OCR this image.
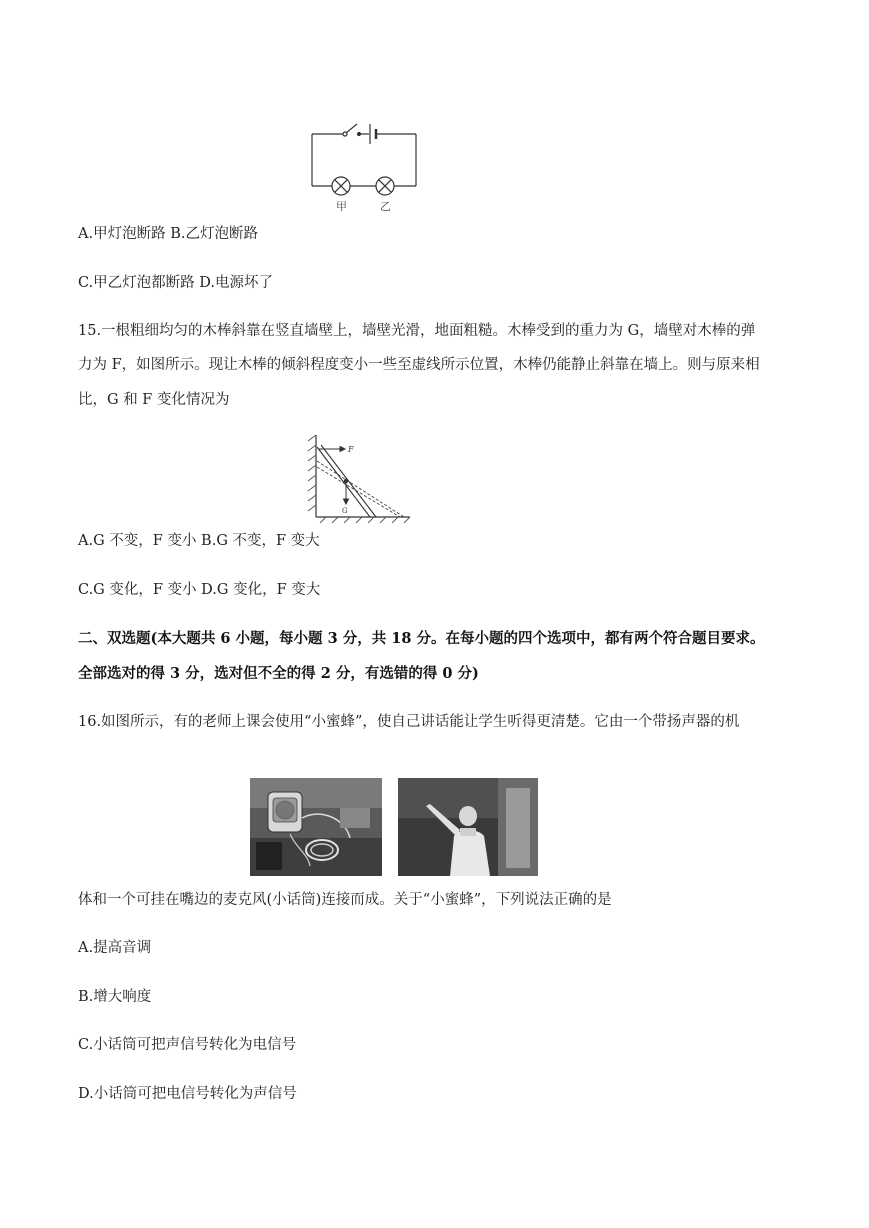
甲	乙
A.甲灯泡断路 B.乙灯泡断路
C.甲乙灯泡都断路 D.电源坏了
15.一根粗细均匀的木棒斜靠在竖直墙壁上，墙壁光滑，地面粗糙。木棒受到的重力为 G，墙壁对木棒的弹
力为 F，如图所示。现让木棒的倾斜程度变小一些至虚线所示位置，木棒仍能静止斜靠在墙上。则与原来相
比，G 和 F 变化情况为
F
G
A.G 不变，F 变小 B.G 不变，F 变大
C.G 变化，F 变小 D.G 变化，F 变大
二、双选题(本大题共 6 小题，每小题 3 分，共 18 分。在每小题的四个选项中，都有两个符合题目要求。
全部选对的得 3 分，选对但不全的得 2 分，有选错的得 0 分)
16.如图所示，有的老师上课会使用“小蜜蜂”，使自己讲话能让学生听得更清楚。它由一个带扬声器的机
体和一个可挂在嘴边的麦克风(小话筒)连接而成。关于“小蜜蜂”，下列说法正确的是
A.提高音调
B.增大响度
C.小话筒可把声信号转化为电信号
D.小话筒可把电信号转化为声信号
